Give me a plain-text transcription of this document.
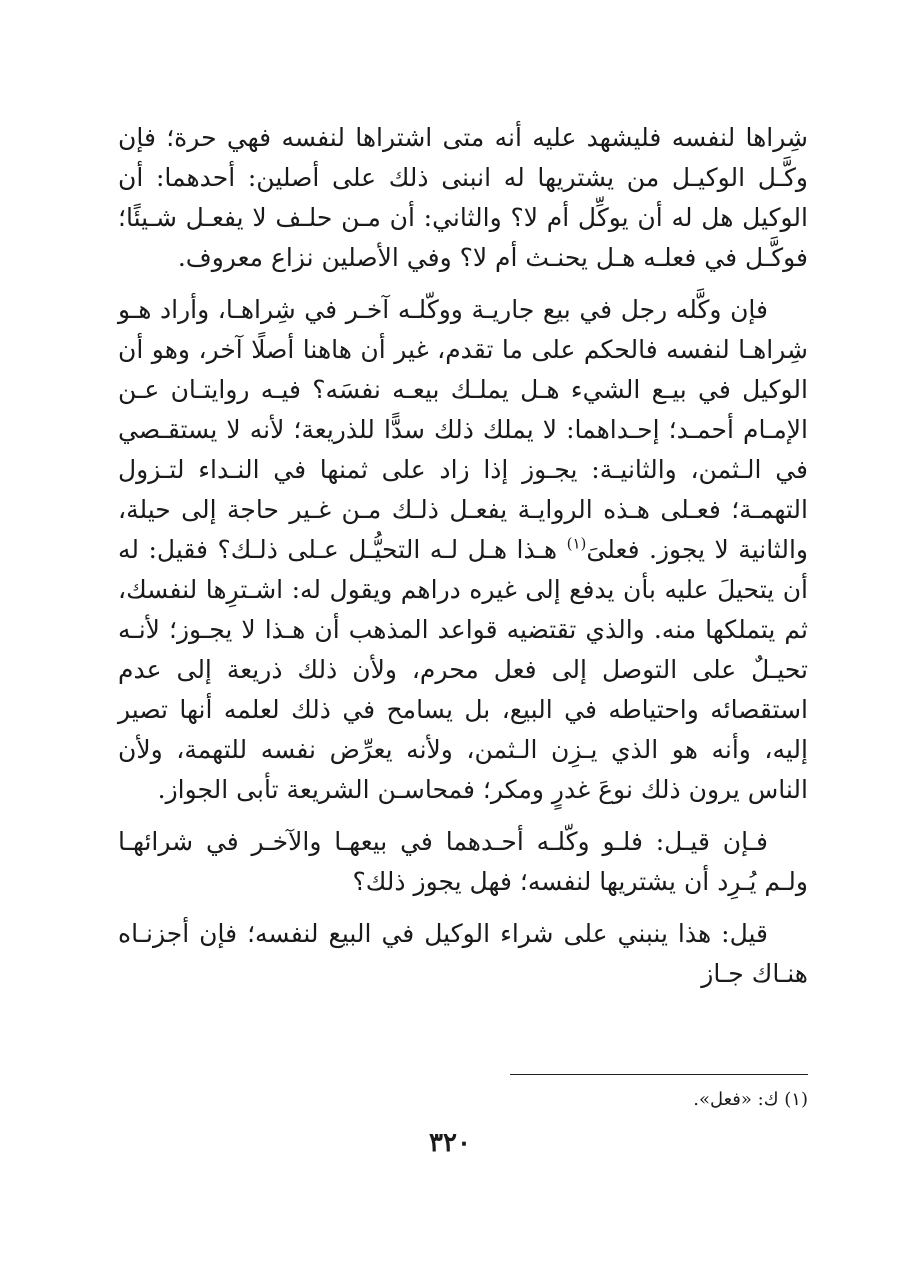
شِراها لنفسه فليشهد عليه أنه متى اشتراها لنفسه فهي حرة؛ فإن وكَّـل الوكيـل من يشتريها له انبنى ذلك على أصلين: أحدهما: أن الوكيل هل له أن يوكِّل أم لا؟ والثاني: أن مـن حلـف لا يفعـل شـيئًا؛ فوكَّـل في فعلـه هـل يحنـث أم لا؟ وفي الأصلين نزاع معروف.

فإن وكَّله رجل في بيع جاريـة ووكّلـه آخـر في شِراهـا، وأراد هـو شِراهـا لنفسه فالحكم على ما تقدم، غير أن هاهنا أصلًا آخر، وهو أن الوكيل في بيـع الشيء هـل يملـك بيعـه نفسَه؟ فيـه روايتـان عـن الإمـام أحمـد؛ إحـداهما: لا يملك ذلك سدًّا للذريعة؛ لأنه لا يستقـصي في الـثمن، والثانيـة: يجـوز إذا زاد على ثمنها في النـداء لتـزول التهمـة؛ فعـلى هـذه الروايـة يفعـل ذلـك مـن غـير حاجة إلى حيلة، والثانية لا يجوز. فعلىَ$^{(١)}$ هـذا هـل لـه التحيُّـل عـلى ذلـك؟ فقيل: له أن يتحيلَ عليه بأن يدفع إلى غيره دراهم ويقول له: اشـترِها لنفسك، ثم يتملكها منه. والذي تقتضيه قواعد المذهب أن هـذا لا يجـوز؛ لأنـه تحيـلٌ على التوصل إلى فعل محرم، ولأن ذلك ذريعة إلى عدم استقصائه واحتياطه في البيع، بل يسامح في ذلك لعلمه أنها تصير إليه، وأنه هو الذي يـزِن الـثمن، ولأنه يعرِّض نفسه للتهمة، ولأن الناس يرون ذلك نوعَ غدرٍ ومكر؛ فمحاسـن الشريعة تأبى الجواز.

فـإن قيـل: فلـو وكّلـه أحـدهما في بيعهـا والآخـر في شرائهـا ولـم يُـرِد أن يشتريها لنفسه؛ فهل يجوز ذلك؟

قيل: هذا ينبني على شراء الوكيل في البيع لنفسه؛ فإن أجزنـاه هنـاك جـاز

(١) ك: «فعل».
٣٢٠
